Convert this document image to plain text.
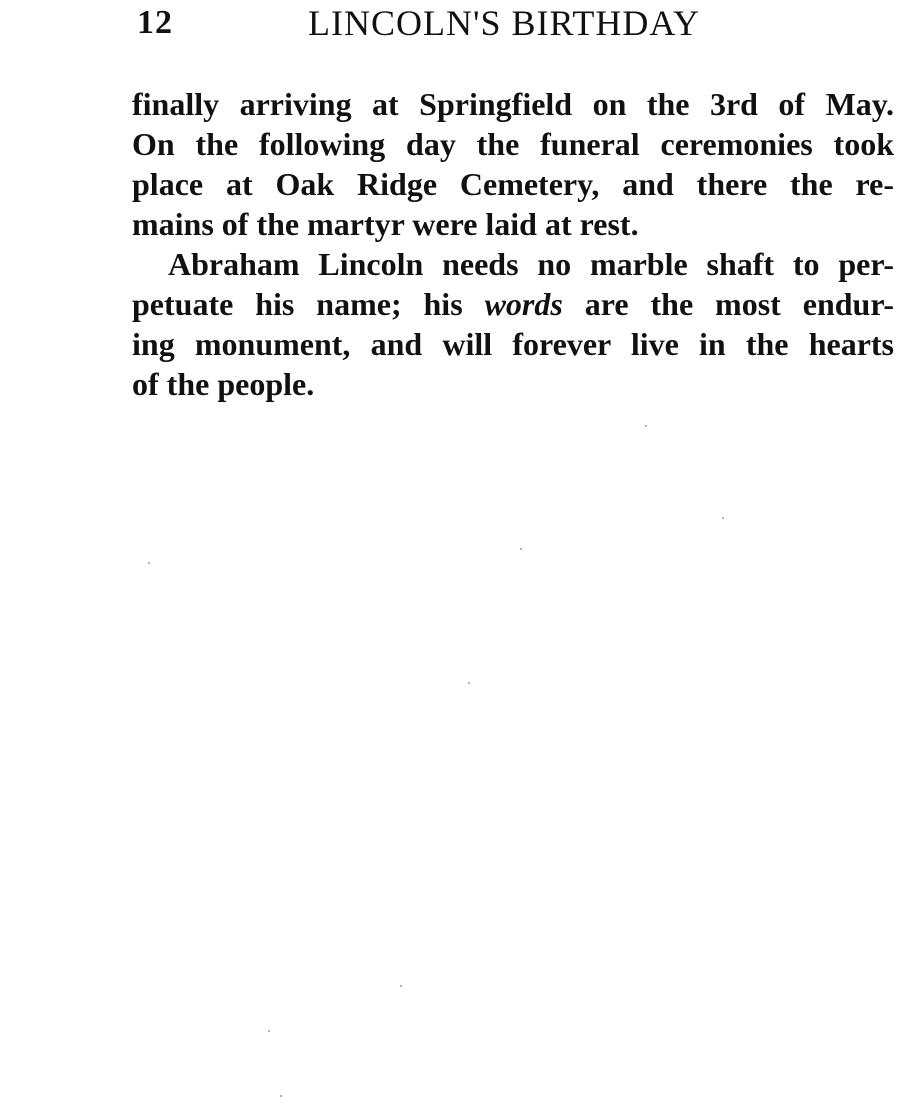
12	LINCOLN'S BIRTHDAY
finally arriving at Springfield on the 3rd of May.
On the following day the funeral ceremonies took
place at Oak Ridge Cemetery, and there the re-
mains of the martyr were laid at rest.
Abraham Lincoln needs no marble shaft to per-
petuate his name; his words are the most endur-
ing monument, and will forever live in the hearts
of the people.
